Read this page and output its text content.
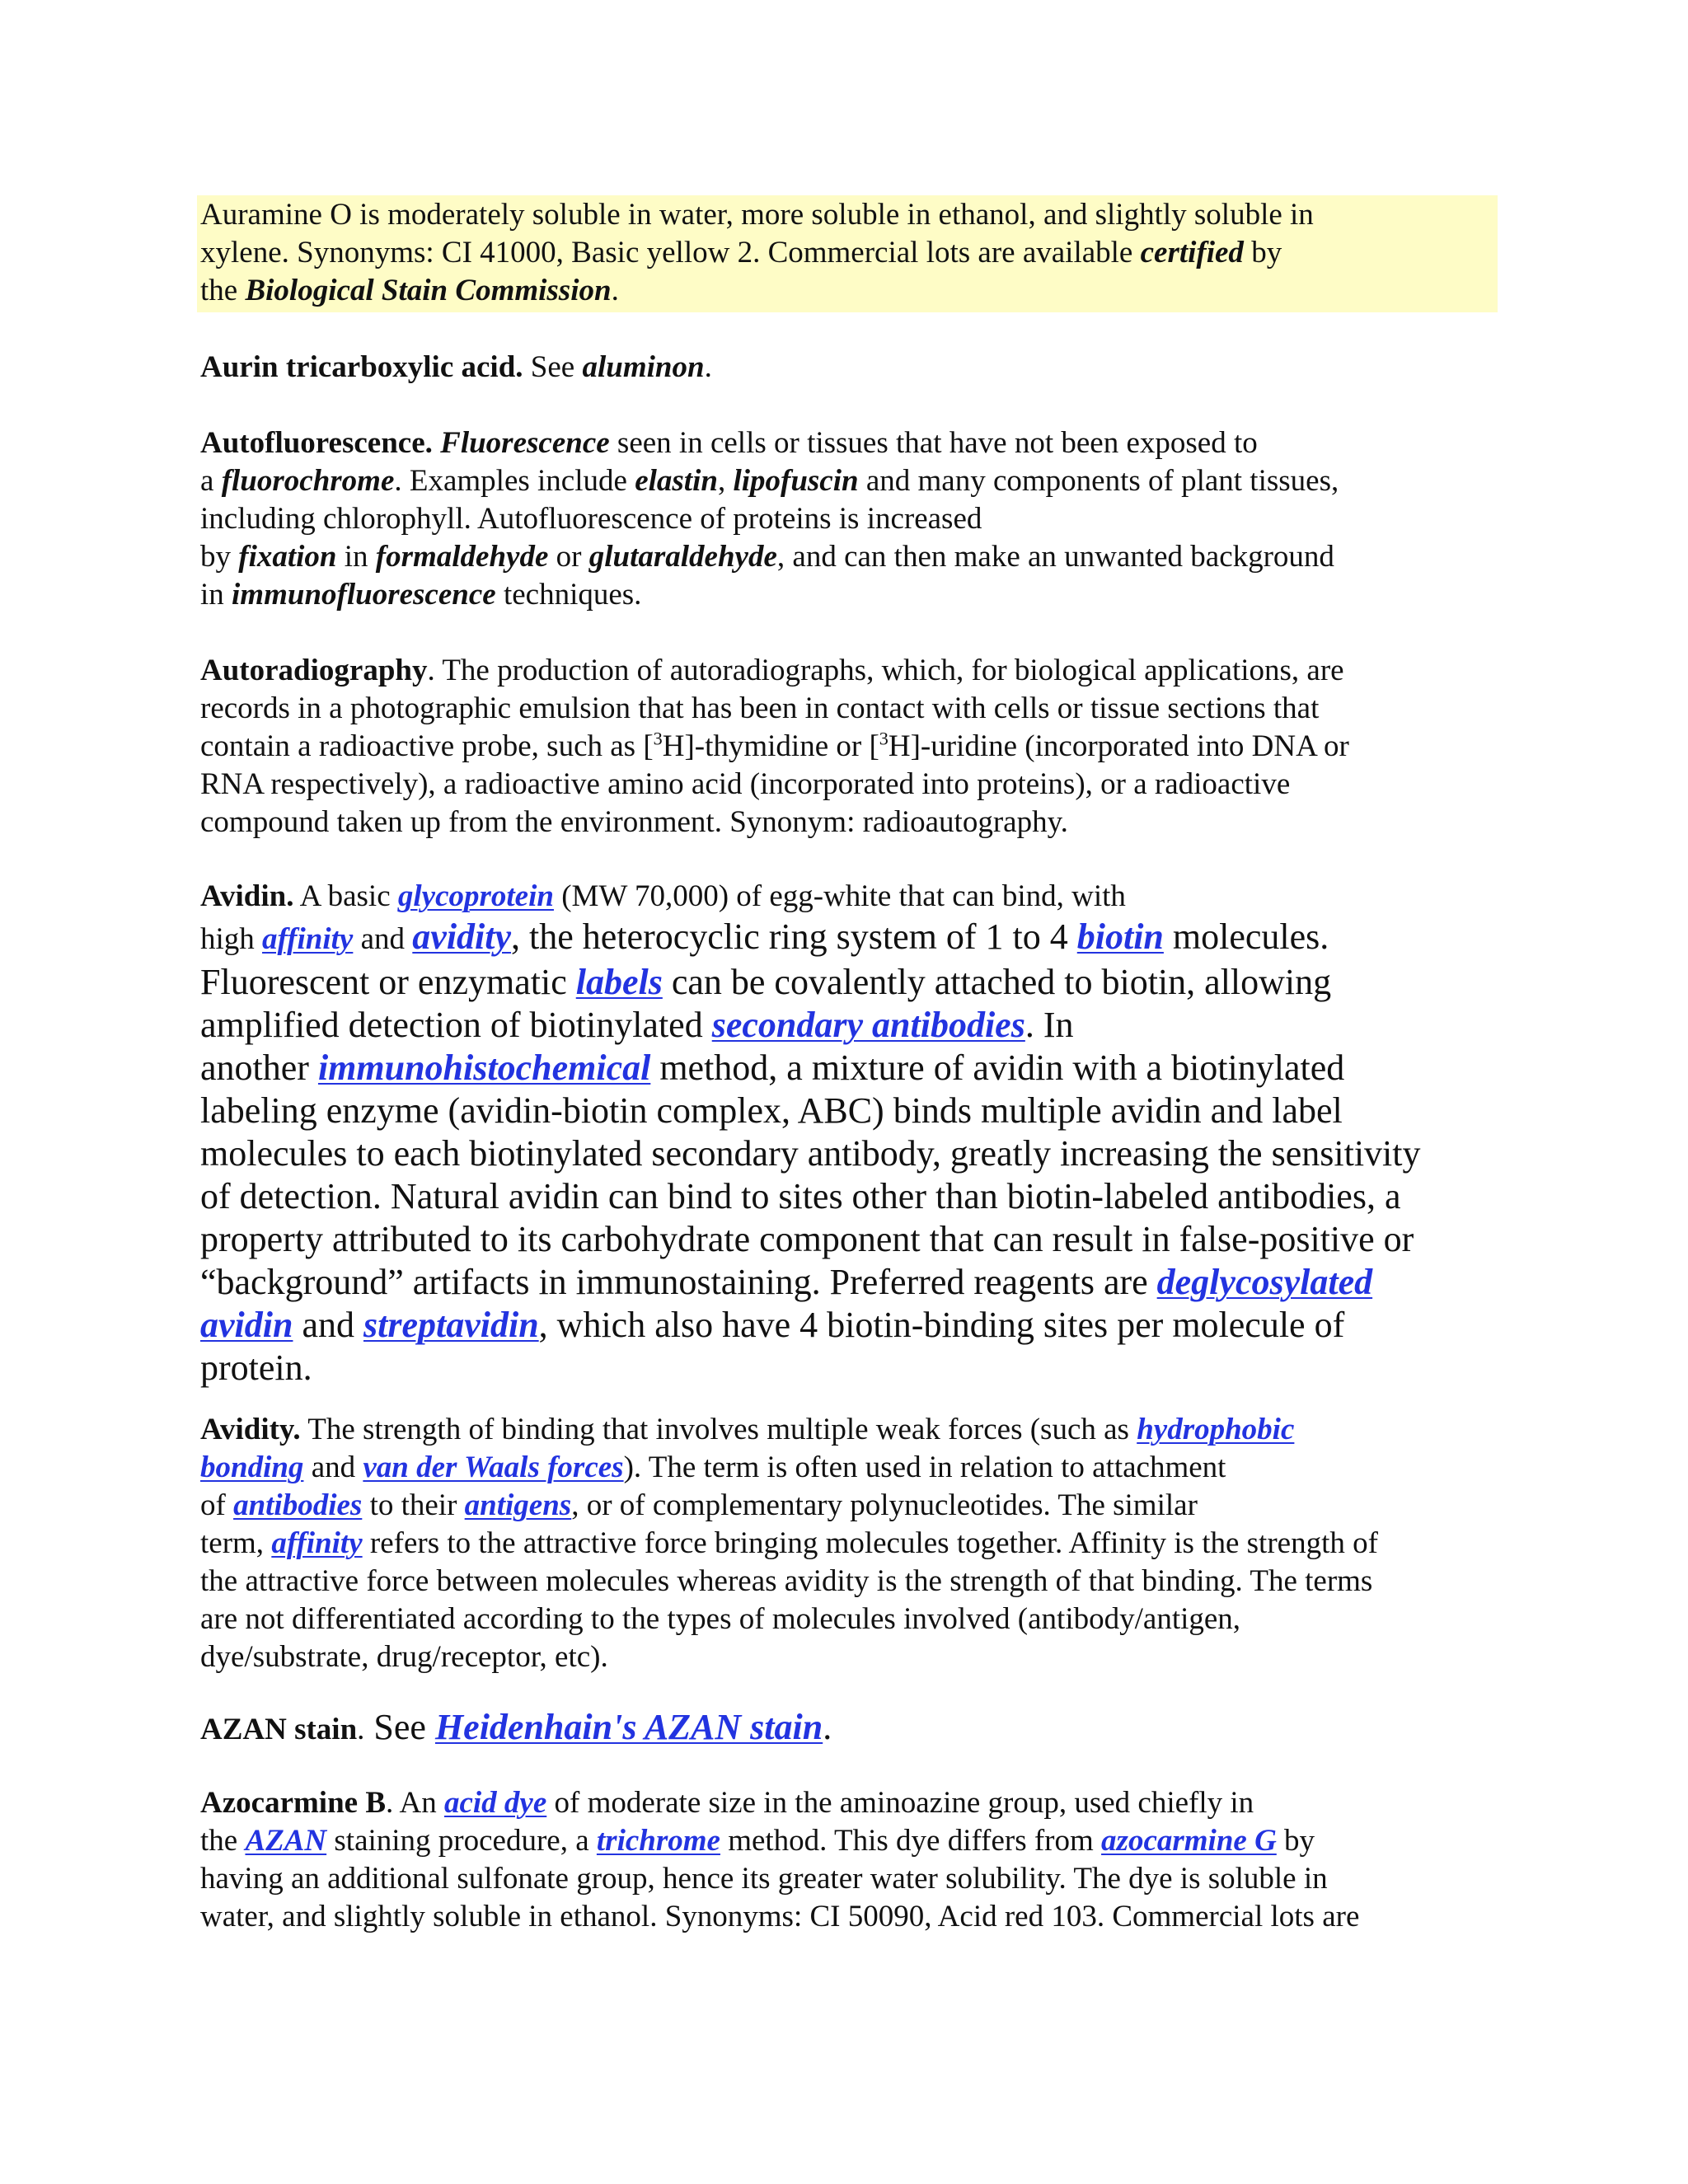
Auramine O is moderately soluble in water, more soluble in ethanol, and slightly soluble in
xylene. Synonyms: CI 41000, Basic yellow 2. Commercial lots are available certified by
the Biological Stain Commission.
Aurin tricarboxylic acid. See aluminon.
Autofluorescence. Fluorescence seen in cells or tissues that have not been exposed to
a fluorochrome. Examples include elastin, lipofuscin and many components of plant tissues,
including chlorophyll. Autofluorescence of proteins is increased
by fixation in formaldehyde or glutaraldehyde, and can then make an unwanted background
in immunofluorescence techniques.
Autoradiography. The production of autoradiographs, which, for biological applications, are
records in a photographic emulsion that has been in contact with cells or tissue sections that
contain a radioactive probe, such as [$^3$H]-thymidine or [$^3$H]-uridine (incorporated into DNA or
RNA respectively), a radioactive amino acid (incorporated into proteins), or a radioactive
compound taken up from the environment. Synonym: radioautography.
Avidin. A basic glycoprotein (MW 70,000) of egg-white that can bind, with
high affinity and avidity, the heterocyclic ring system of 1 to 4 biotin molecules.
Fluorescent or enzymatic labels can be covalently attached to biotin, allowing
amplified detection of biotinylated secondary antibodies. In
another immunohistochemical method, a mixture of avidin with a biotinylated
labeling enzyme (avidin-biotin complex, ABC) binds multiple avidin and label
molecules to each biotinylated secondary antibody, greatly increasing the sensitivity
of detection. Natural avidin can bind to sites other than biotin-labeled antibodies, a
property attributed to its carbohydrate component that can result in false-positive or
“background” artifacts in immunostaining. Preferred reagents are deglycosylated
avidin and streptavidin, which also have 4 biotin-binding sites per molecule of
protein.
Avidity. The strength of binding that involves multiple weak forces (such as hydrophobic
bonding and van der Waals forces). The term is often used in relation to attachment
of antibodies to their antigens, or of complementary polynucleotides. The similar
term, affinity refers to the attractive force bringing molecules together. Affinity is the strength of
the attractive force between molecules whereas avidity is the strength of that binding. The terms
are not differentiated according to the types of molecules involved (antibody/antigen,
dye/substrate, drug/receptor, etc).
AZAN stain. See Heidenhain's AZAN stain.
Azocarmine B. An acid dye of moderate size in the aminoazine group, used chiefly in
the AZAN staining procedure, a trichrome method. This dye differs from azocarmine G by
having an additional sulfonate group, hence its greater water solubility. The dye is soluble in
water, and slightly soluble in ethanol. Synonyms: CI 50090, Acid red 103. Commercial lots are
